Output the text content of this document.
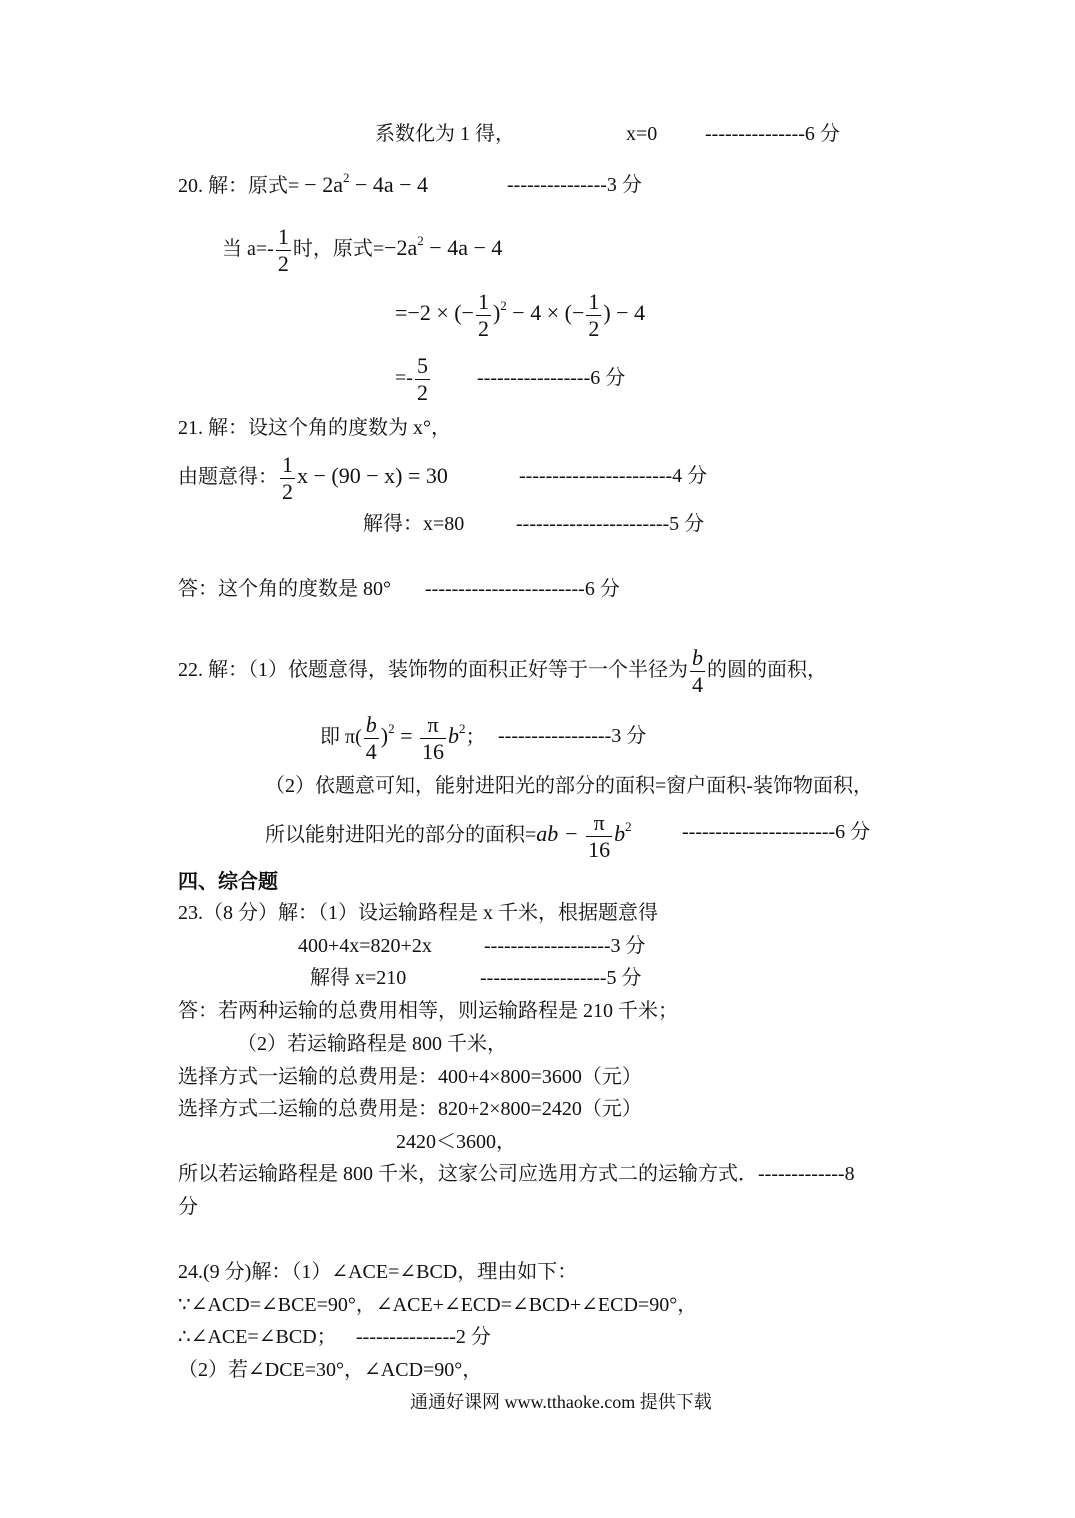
系数化为 1 得，	x=0 ---------------6 分
20. 解：原式= − $2a^2 - 4a - 4$	---------------3 分
当 $a=- \frac{1}{2}$ 时，原式$=-2a^2 - 4a - 4$
=−2 × (− $\frac{1}{2} )^2 - 4$ × (− $\frac{1}{2}$ ) − 4
=- $\frac{5}{2} -----------------6$ 分
21. 解：设这个角的度数为 x°，
由题意得： $\frac{1}{2}$ x − (90 − x) = 30	-----------------------4 分
解得：x=80	-----------------------5 分
答：这个角的度数是 80° ------------------------6 分
22. 解：（1）依题意得，装饰物的面积正好等于一个半径为 $\frac{b}{4}$ 的圆的面积，
即 $\pi( \frac{b}{4} )^2 = \frac{\pi}{16} b^2$； -----------------3 分
（2）依题意可知，能射进阳光的部分的面积=窗户面积-装饰物面积，
所以能射进阳光的部分的面积$=ab - \frac{\pi}{16} b^2$	-----------------------6 分
四、综合题
23.（8 分）解：（1）设运输路程是 x 千米，根据题意得
400+4x=820+2x	-------------------3 分
解得 x=210	-------------------5 分
答：若两种运输的总费用相等，则运输路程是 210 千米；
（2）若运输路程是 800 千米，
选择方式一运输的总费用是：400+4×800=3600（元）
选择方式二运输的总费用是：820+2×800=2420（元）
2420＜3600，
所以若运输路程是 800 千米，这家公司应选用方式二的运输方式．-------------8
分
24.(9 分)解：（1）∠ACE=∠BCD，理由如下：
∵∠ACD=∠BCE=90°，∠ACE+∠ECD=∠BCD+∠ECD=90°，
∴∠ACE=∠BCD； ---------------2 分
（2）若∠DCE=30°，∠ACD=90°，
通通好课网 www.tthaoke.com 提供下载
